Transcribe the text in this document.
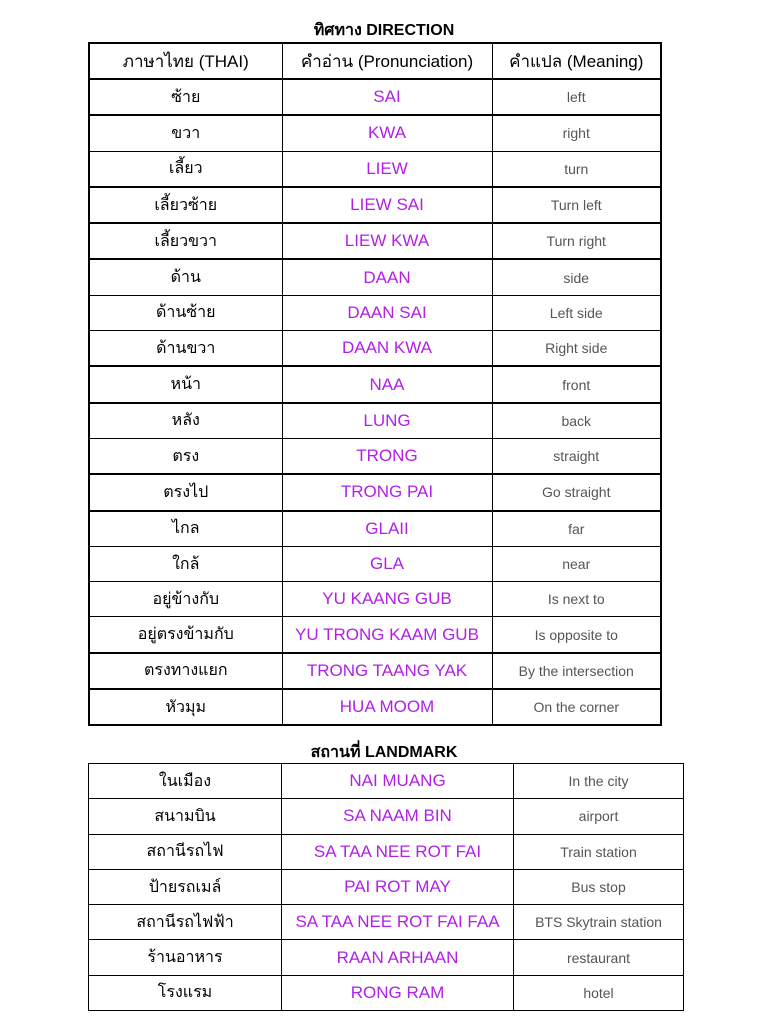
ทิศทาง DIRECTION
ภาษาไทย (THAI)	คำอ่าน (Pronunciation)	คำแปล (Meaning)
ซ้าย	SAI	left
ขวา	KWA	right
เลี้ยว	LIEW	turn
เลี้ยวซ้าย	LIEW SAI	Turn left
เลี้ยวขวา	LIEW KWA	Turn right
ด้าน	DAAN	side
ด้านซ้าย	DAAN SAI	Left side
ด้านขวา	DAAN KWA	Right side
หน้า	NAA	front
หลัง	LUNG	back
ตรง	TRONG	straight
ตรงไป	TRONG PAI	Go straight
ไกล	GLAII	far
ใกล้	GLA	near
อยู่ข้างกับ	YU KAANG GUB	Is next to
อยู่ตรงข้ามกับ	YU TRONG KAAM GUB	Is opposite to
ตรงทางแยก	TRONG TAANG YAK	By the intersection
หัวมุม	HUA MOOM	On the corner
สถานที่ LANDMARK
ในเมือง	NAI MUANG	In the city
สนามบิน	SA NAAM BIN	airport
สถานีรถไฟ	SA TAA NEE ROT FAI	Train station
ป้ายรถเมล์	PAI ROT MAY	Bus stop
สถานีรถไฟฟ้า	SA TAA NEE ROT FAI FAA	BTS Skytrain station
ร้านอาหาร	RAAN ARHAAN	restaurant
โรงแรม	RONG RAM	hotel
